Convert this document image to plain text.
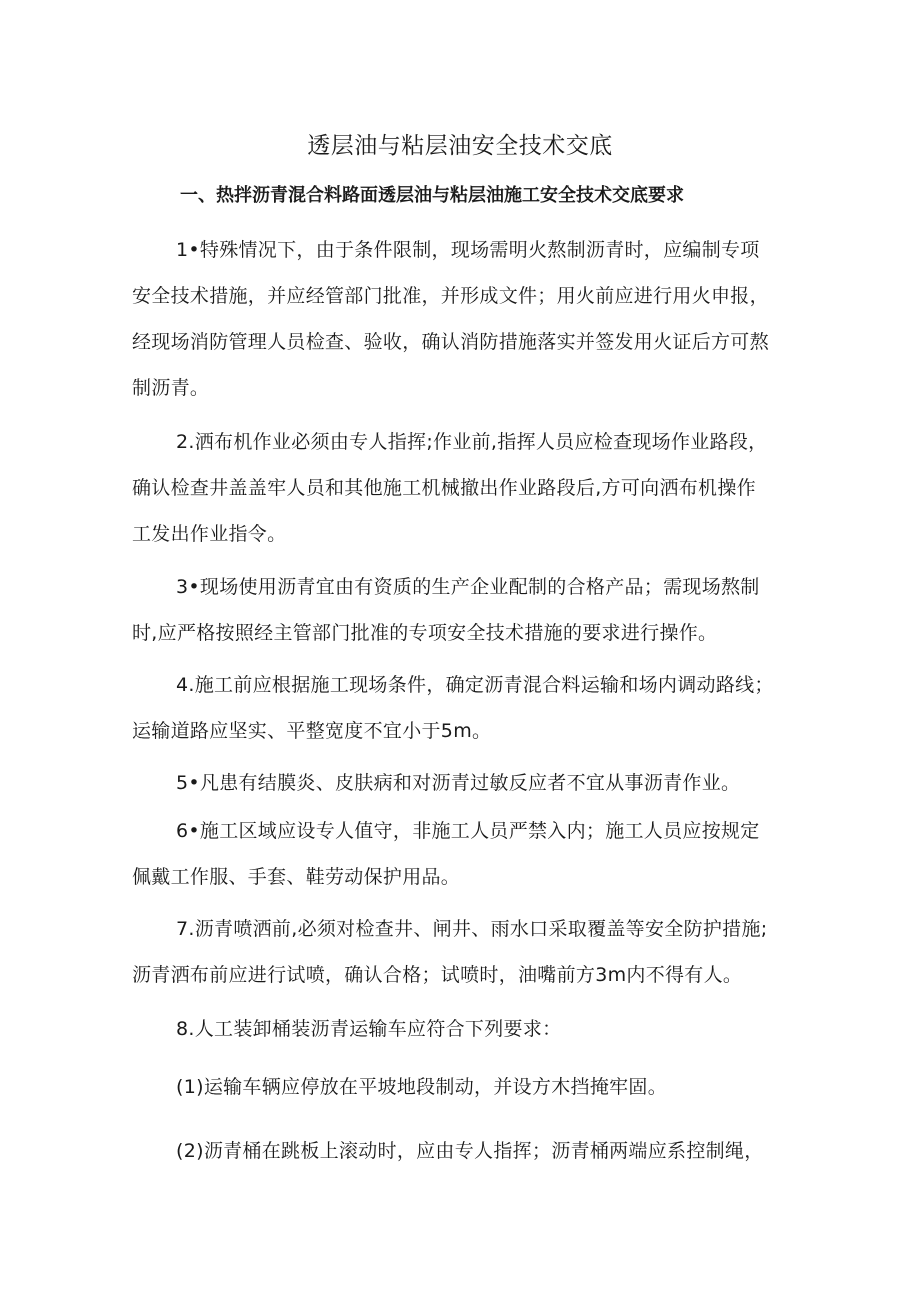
透层油与粘层油安全技术交底
一、热拌沥青混合料路面透层油与粘层油施工安全技术交底要求
1•特殊情况下，由于条件限制，现场需明火熬制沥青时，应编制专项
安全技术措施，并应经管部门批准，并形成文件；用火前应进行用火申报，
经现场消防管理人员检查、验收，确认消防措施落实并签发用火证后方可熬
制沥青。
2.洒布机作业必须由专人指挥;作业前,指挥人员应检查现场作业路段，
确认检查井盖盖牢人员和其他施工机械撤出作业路段后,方可向洒布机操作
工发出作业指令。
3•现场使用沥青宜由有资质的生产企业配制的合格产品；需现场熬制
时,应严格按照经主管部门批准的专项安全技术措施的要求进行操作。
4.施工前应根据施工现场条件，确定沥青混合料运输和场内调动路线；
运输道路应坚实、平整宽度不宜小于5m。
5•凡患有结膜炎、皮肤病和对沥青过敏反应者不宜从事沥青作业。
6•施工区域应设专人值守，非施工人员严禁入内；施工人员应按规定
佩戴工作服、手套、鞋劳动保护用品。
7.沥青喷洒前,必须对检查井、闸井、雨水口采取覆盖等安全防护措施;
沥青洒布前应进行试喷，确认合格；试喷时，油嘴前方3m内不得有人。
8.人工装卸桶装沥青运输车应符合下列要求：
(1)运输车辆应停放在平坡地段制动，并设方木挡掩牢固。
(2)沥青桶在跳板上滚动时，应由专人指挥；沥青桶两端应系控制绳，
